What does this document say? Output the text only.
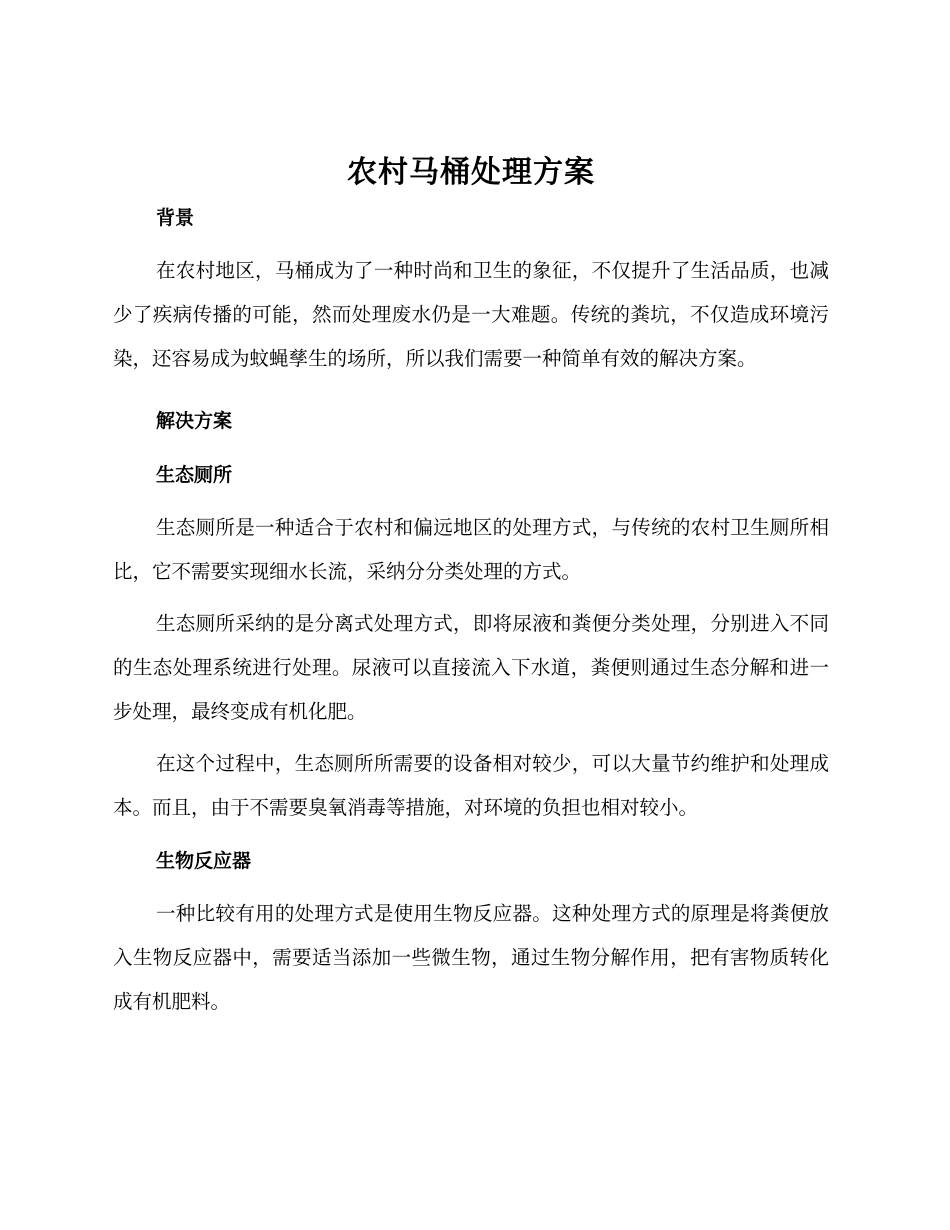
农村马桶处理方案
背景

在农村地区，马桶成为了一种时尚和卫生的象征，不仅提升了生活品质，也减少了疾病传播的可能，然而处理废水仍是一大难题。传统的粪坑，不仅造成环境污染，还容易成为蚊蝇孳生的场所，所以我们需要一种简单有效的解决方案。

解决方案
生态厕所

生态厕所是一种适合于农村和偏远地区的处理方式，与传统的农村卫生厕所相比，它不需要实现细水长流，采纳分分类处理的方式。

生态厕所采纳的是分离式处理方式，即将尿液和粪便分类处理，分别进入不同的生态处理系统进行处理。尿液可以直接流入下水道，粪便则通过生态分解和进一步处理，最终变成有机化肥。

在这个过程中，生态厕所所需要的设备相对较少，可以大量节约维护和处理成本。而且，由于不需要臭氧消毒等措施，对环境的负担也相对较小。

生物反应器

一种比较有用的处理方式是使用生物反应器。这种处理方式的原理是将粪便放入生物反应器中，需要适当添加一些微生物，通过生物分解作用，把有害物质转化成有机肥料。
